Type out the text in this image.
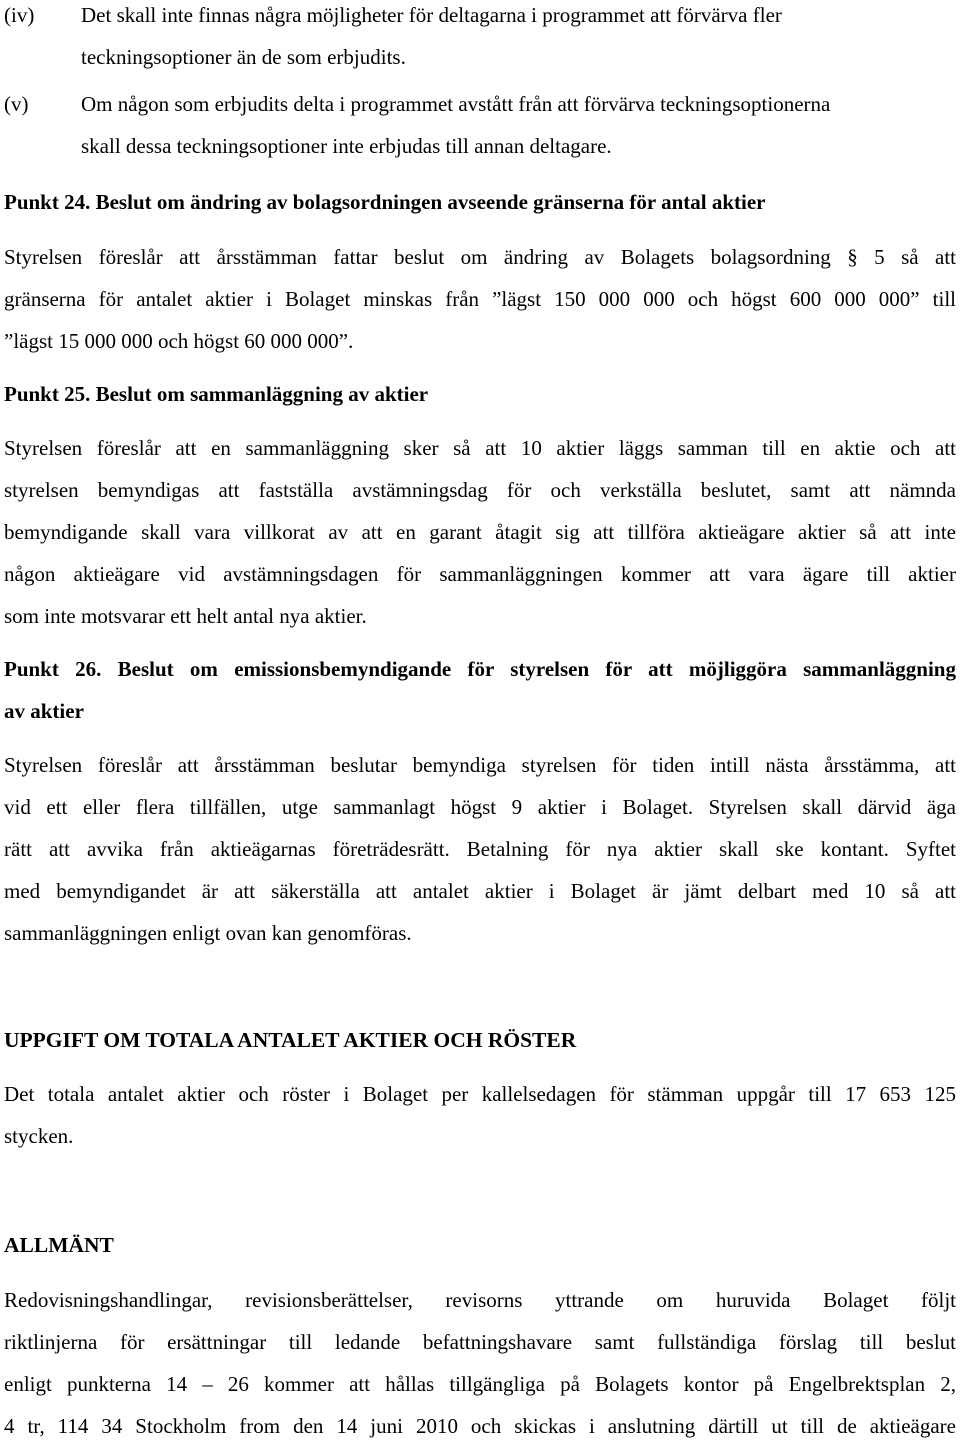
(iv)	Det skall inte finnas några möjligheter för deltagarna i programmet att förvärva fler
teckningsoptioner än de som erbjudits.
(v)	Om någon som erbjudits delta i programmet avstått från att förvärva teckningsoptionerna
skall dessa teckningsoptioner inte erbjudas till annan deltagare.
Punkt 24. Beslut om ändring av bolagsordningen avseende gränserna för antal aktier
Styrelsen föreslår att årsstämman fattar beslut om ändring av Bolagets bolagsordning § 5 så att
gränserna för antalet aktier i Bolaget minskas från ”lägst 150 000 000 och högst 600 000 000” till
”lägst 15 000 000 och högst 60 000 000”.
Punkt 25. Beslut om sammanläggning av aktier
Styrelsen föreslår att en sammanläggning sker så att 10 aktier läggs samman till en aktie och att
styrelsen bemyndigas att fastställa avstämningsdag för och verkställa beslutet, samt att nämnda
bemyndigande skall vara villkorat av att en garant åtagit sig att tillföra aktieägare aktier så att inte
någon aktieägare vid avstämningsdagen för sammanläggningen kommer att vara ägare till aktier
som inte motsvarar ett helt antal nya aktier.
Punkt 26. Beslut om emissionsbemyndigande för styrelsen för att möjliggöra sammanläggning
av aktier
Styrelsen föreslår att årsstämman beslutar bemyndiga styrelsen för tiden intill nästa årsstämma, att
vid ett eller flera tillfällen, utge sammanlagt högst 9 aktier i Bolaget. Styrelsen skall därvid äga
rätt att avvika från aktieägarnas företrädesrätt. Betalning för nya aktier skall ske kontant. Syftet
med bemyndigandet är att säkerställa att antalet aktier i Bolaget är jämt delbart med 10 så att
sammanläggningen enligt ovan kan genomföras.
UPPGIFT OM TOTALA ANTALET AKTIER OCH RÖSTER
Det totala antalet aktier och röster i Bolaget per kallelsedagen för stämman uppgår till 17 653 125
stycken.
ALLMÄNT
Redovisningshandlingar, revisionsberättelser, revisorns yttrande om huruvida Bolaget följt
riktlinjerna för ersättningar till ledande befattningshavare samt fullständiga förslag till beslut
enligt punkterna 14 – 26 kommer att hållas tillgängliga på Bolagets kontor på Engelbrektsplan 2,
4 tr, 114 34 Stockholm from den 14 juni 2010 och skickas i anslutning därtill ut till de aktieägare
